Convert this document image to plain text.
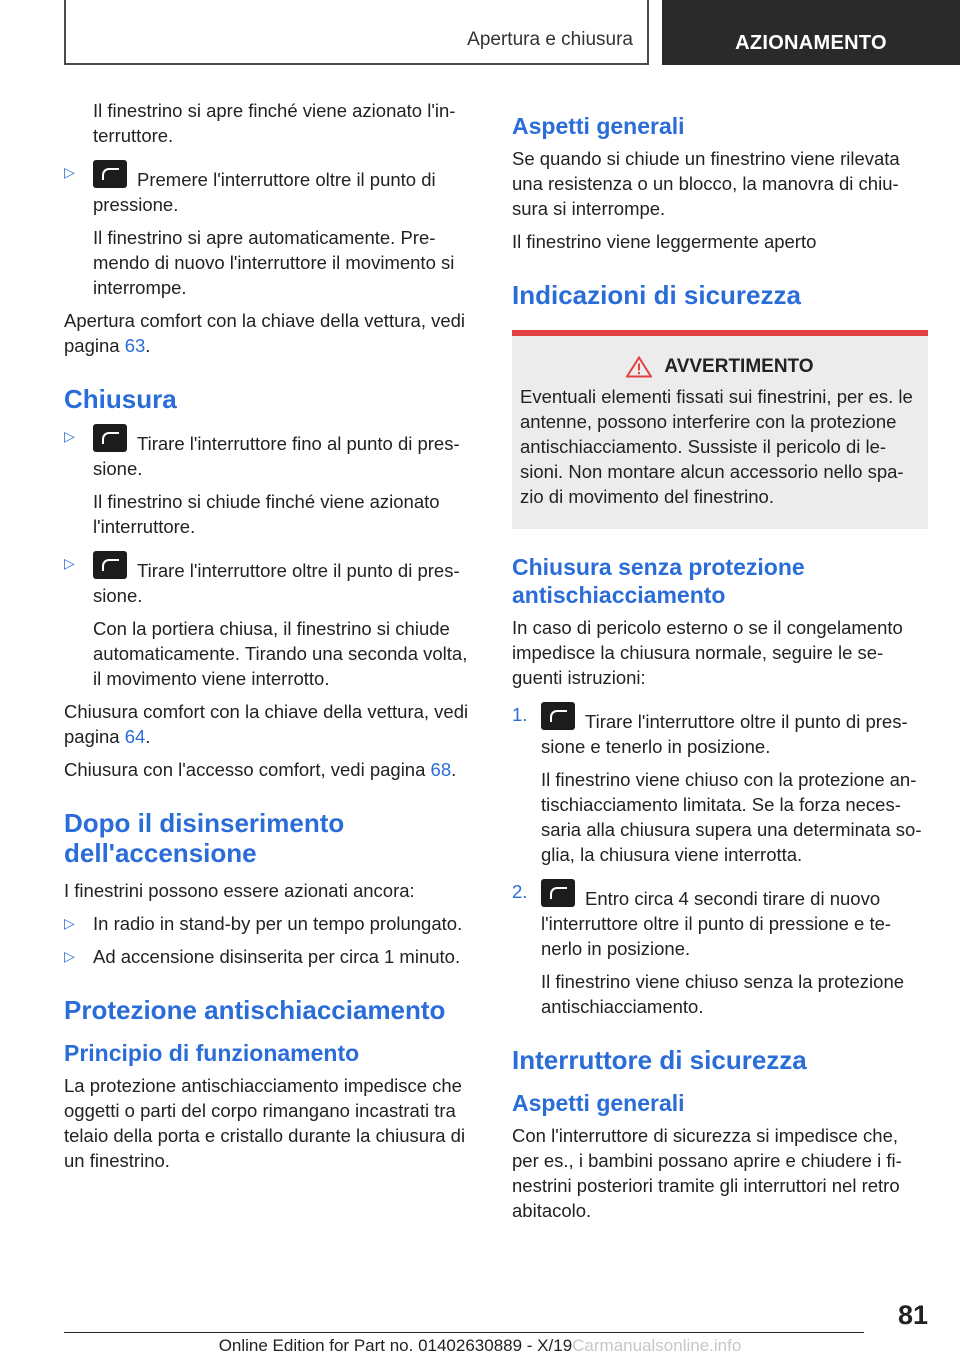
Apertura e chiusura	AZIONAMENTO

Il finestrino si apre finché viene azionato l'in-terruttore.

▷	Premere l'interruttore oltre il punto di pressione.

Il finestrino si apre automaticamente. Pre-mendo di nuovo l'interruttore il movimento si interrompe.

Apertura comfort con la chiave della vettura, vedi pagina 63.

Chiusura
▷	Tirare l'interruttore fino al punto di pres-sione.

Il finestrino si chiude finché viene azionato l'interruttore.

▷	Tirare l'interruttore oltre il punto di pres-sione.

Con la portiera chiusa, il finestrino si chiude automaticamente. Tirando una seconda volta, il movimento viene interrotto.

Chiusura comfort con la chiave della vettura, vedi pagina 64.

Chiusura con l'accesso comfort, vedi pagina 68.

Dopo il disinserimento dell'accensione

I finestrini possono essere azionati ancora:

▷ In radio in stand-by per un tempo prolungato.
▷ Ad accensione disinserita per circa 1 minuto.
Protezione antischiacciamento
Principio di funzionamento

La protezione antischiacciamento impedisce che oggetti o parti del corpo rimangano incastrati tra telaio della porta e cristallo durante la chiusura di un finestrino.

Aspetti generali

Se quando si chiude un finestrino viene rilevata una resistenza o un blocco, la manovra di chiu-sura si interrompe.

Il finestrino viene leggermente aperto

Indicazioni di sicurezza
AVVERTIMENTO

Eventuali elementi fissati sui finestrini, per es. le antenne, possono interferire con la protezione antischiacciamento. Sussiste il pericolo di le-sioni. Non montare alcun accessorio nello spa-zio di movimento del finestrino.

Chiusura senza protezione antischiacciamento

In caso di pericolo esterno o se il congelamento impedisce la chiusura normale, seguire le se-guenti istruzioni:

1.	Tirare l'interruttore oltre il punto di pres-sione e tenerlo in posizione.

Il finestrino viene chiuso con la protezione an-tischiacciamento limitata. Se la forza neces-saria alla chiusura supera una determinata so-glia, la chiusura viene interrotta.

2.	Entro circa 4 secondi tirare di nuovo l'interruttore oltre il punto di pressione e te-nerlo in posizione.

Il finestrino viene chiuso senza la protezione antischiacciamento.

Interruttore di sicurezza
Aspetti generali

Con l'interruttore di sicurezza si impedisce che, per es., i bambini possano aprire e chiudere i fi-nestrini posteriori tramite gli interruttori nel retro abitacolo.

81
Online Edition for Part no. 01402630889 - X/19Carmanualsonline.info
